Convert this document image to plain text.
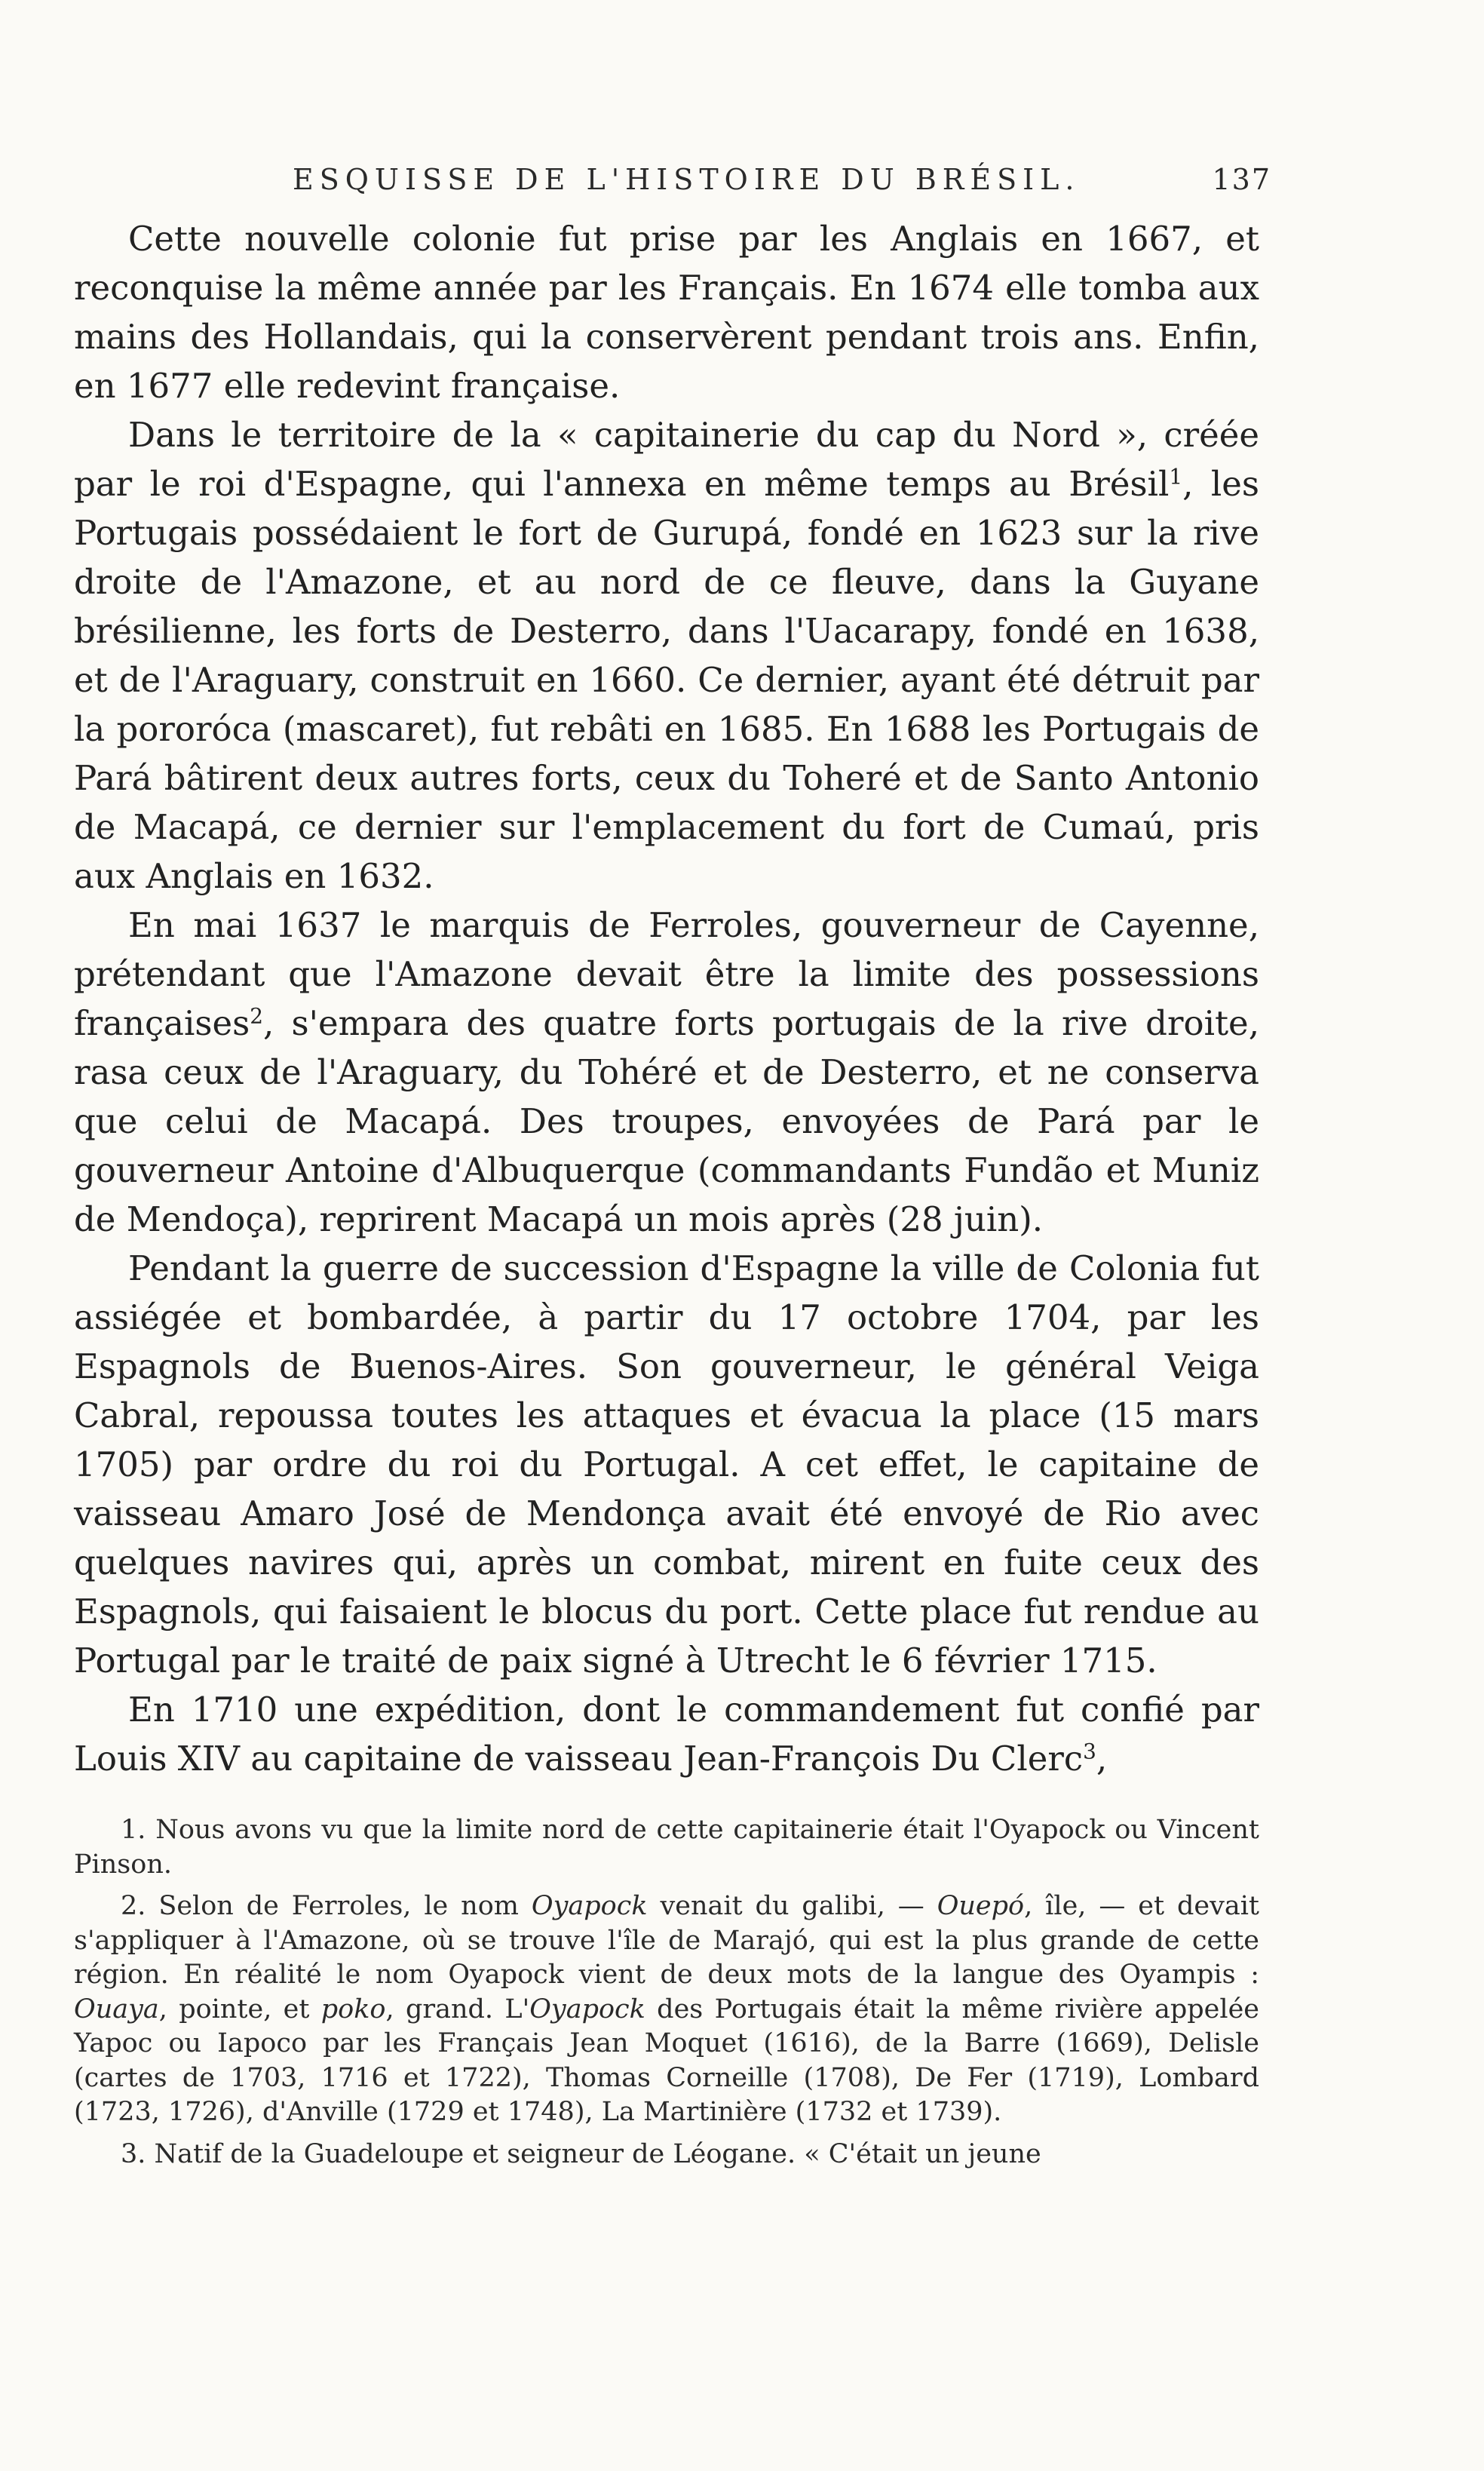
ESQUISSE DE L'HISTOIRE DU BRÉSIL.	137

Cette nouvelle colonie fut prise par les Anglais en 1667, et reconquise la même année par les Français. En 1674 elle tomba aux mains des Hollandais, qui la conservèrent pendant trois ans. Enfin, en 1677 elle redevint française.

Dans le territoire de la « capitainerie du cap du Nord », créée par le roi d'Espagne, qui l'annexa en même temps au Brésil$^1$, les Portugais possédaient le fort de Gurupá, fondé en 1623 sur la rive droite de l'Amazone, et au nord de ce fleuve, dans la Guyane brésilienne, les forts de Desterro, dans l'Uacarapy, fondé en 1638, et de l'Araguary, construit en 1660. Ce dernier, ayant été détruit par la pororóca (mascaret), fut rebâti en 1685. En 1688 les Portugais de Pará bâtirent deux autres forts, ceux du Toheré et de Santo Antonio de Macapá, ce dernier sur l'emplacement du fort de Cumaú, pris aux Anglais en 1632.

En mai 1637 le marquis de Ferroles, gouverneur de Cayenne, prétendant que l'Amazone devait être la limite des possessions françaises$^2$, s'empara des quatre forts portugais de la rive droite, rasa ceux de l'Araguary, du Tohéré et de Desterro, et ne conserva que celui de Macapá. Des troupes, envoyées de Pará par le gouverneur Antoine d'Albuquerque (commandants Fundão et Muniz de Mendoça), reprirent Macapá un mois après (28 juin).

Pendant la guerre de succession d'Espagne la ville de Colonia fut assiégée et bombardée, à partir du 17 octobre 1704, par les Espagnols de Buenos-Aires. Son gouverneur, le général Veiga Cabral, repoussa toutes les attaques et évacua la place (15 mars 1705) par ordre du roi du Portugal. A cet effet, le capitaine de vaisseau Amaro José de Mendonça avait été envoyé de Rio avec quelques navires qui, après un combat, mirent en fuite ceux des Espagnols, qui faisaient le blocus du port. Cette place fut rendue au Portugal par le traité de paix signé à Utrecht le 6 février 1715.

En 1710 une expédition, dont le commandement fut confié par Louis XIV au capitaine de vaisseau Jean-François Du Clerc$^3$,

1. Nous avons vu que la limite nord de cette capitainerie était l'Oyapock ou Vincent Pinson.

2. Selon de Ferroles, le nom Oyapock venait du galibi, — Ouepó, île, — et devait s'appliquer à l'Amazone, où se trouve l'île de Marajó, qui est la plus grande de cette région. En réalité le nom Oyapock vient de deux mots de la langue des Oyampis : Ouaya, pointe, et poko, grand. L'Oyapock des Portugais était la même rivière appelée Yapoc ou Iapoco par les Français Jean Moquet (1616), de la Barre (1669), Delisle (cartes de 1703, 1716 et 1722), Thomas Corneille (1708), De Fer (1719), Lombard (1723, 1726), d'Anville (1729 et 1748), La Martinière (1732 et 1739).

3. Natif de la Guadeloupe et seigneur de Léogane. « C'était un jeune
